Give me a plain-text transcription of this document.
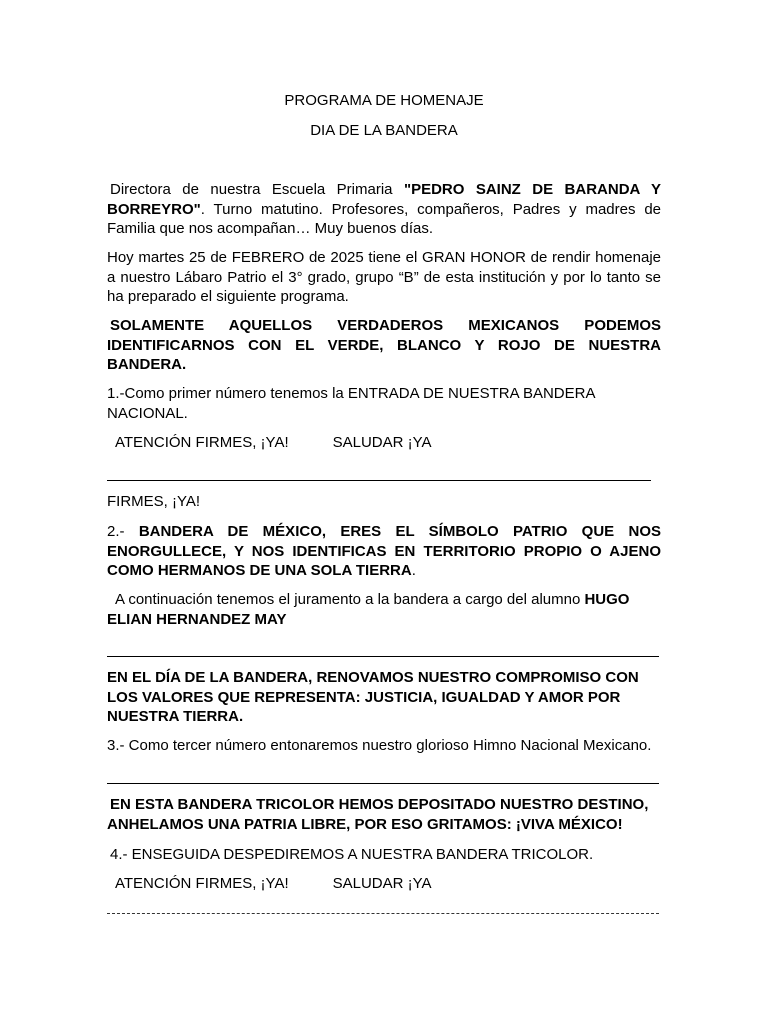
PROGRAMA DE HOMENAJE
DIA DE LA BANDERA

Directora de nuestra Escuela Primaria "PEDRO SAINZ DE BARANDA Y BORREYRO". Turno matutino. Profesores, compañeros, Padres y madres de Familia que nos acompañan… Muy buenos días.

Hoy martes 25 de FEBRERO de 2025 tiene el GRAN HONOR de rendir homenaje a nuestro Lábaro Patrio el 3° grado, grupo “B” de esta institución y por lo tanto se ha preparado el siguiente programa.

SOLAMENTE AQUELLOS VERDADEROS MEXICANOS PODEMOS IDENTIFICARNOS CON EL VERDE, BLANCO Y ROJO DE NUESTRA BANDERA.

1.-Como primer número tenemos la ENTRADA DE NUESTRA BANDERA NACIONAL.

ATENCIÓN FIRMES, ¡YA!	SALUDAR ¡YA
FIRMES, ¡YA!

2.- BANDERA DE MÉXICO, ERES EL SÍMBOLO PATRIO QUE NOS ENORGULLECE, Y NOS IDENTIFICAS EN TERRITORIO PROPIO O AJENO COMO HERMANOS DE UNA SOLA TIERRA.

A continuación tenemos el juramento a la bandera a cargo del alumno HUGO ELIAN HERNANDEZ MAY

EN EL DÍA DE LA BANDERA, RENOVAMOS NUESTRO COMPROMISO CON LOS VALORES QUE REPRESENTA: JUSTICIA, IGUALDAD Y AMOR POR NUESTRA TIERRA.

3.- Como tercer número entonaremos nuestro glorioso Himno Nacional Mexicano.

EN ESTA BANDERA TRICOLOR HEMOS DEPOSITADO NUESTRO DESTINO, ANHELAMOS UNA PATRIA LIBRE, POR ESO GRITAMOS: ¡VIVA MÉXICO!

4.- ENSEGUIDA DESPEDIREMOS A NUESTRA BANDERA TRICOLOR.
ATENCIÓN FIRMES, ¡YA!	SALUDAR ¡YA
